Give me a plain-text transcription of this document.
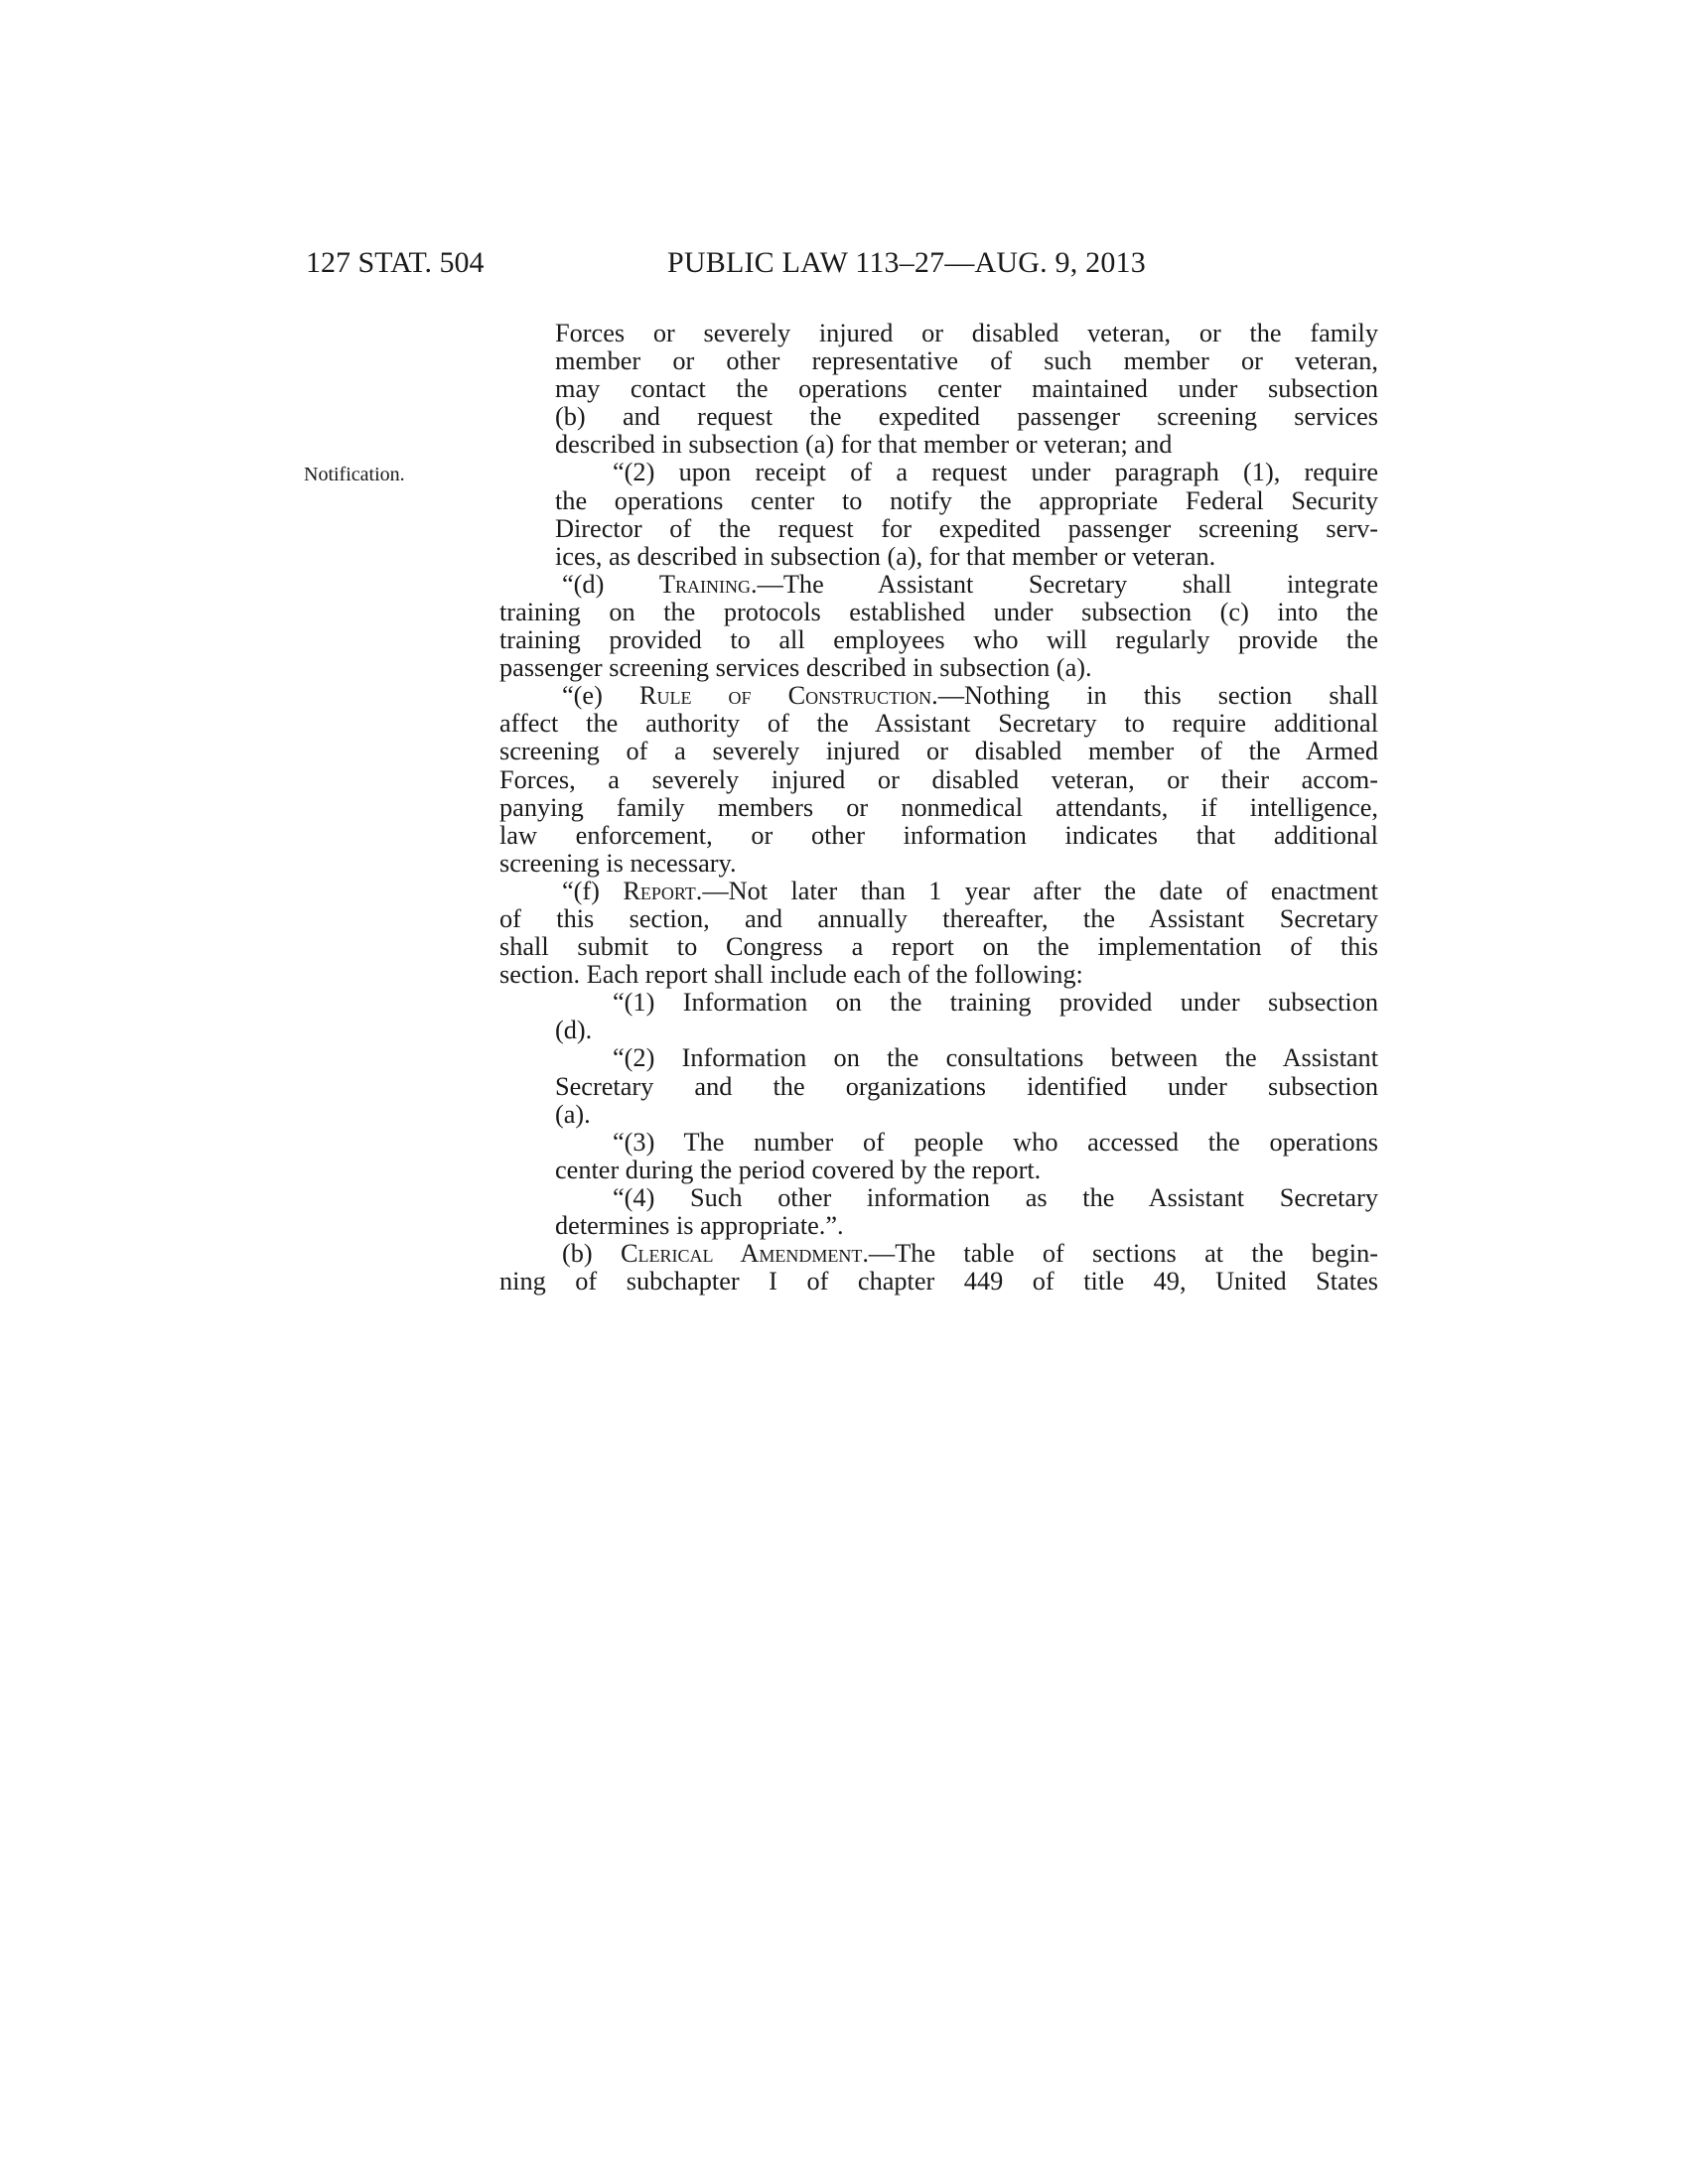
127 STAT. 504	PUBLIC LAW 113–27—AUG. 9, 2013
Notification.

Forces or severely injured or disabled veteran, or the family

member or other representative of such member or veteran,

may contact the operations center maintained under subsection

(b) and request the expedited passenger screening services

described in subsection (a) for that member or veteran; and

“(2) upon receipt of a request under paragraph (1), require

the operations center to notify the appropriate Federal Security

Director of the request for expedited passenger screening serv-

ices, as described in subsection (a), for that member or veteran.

“(d) Training.—The Assistant Secretary shall integrate

training on the protocols established under subsection (c) into the

training provided to all employees who will regularly provide the

passenger screening services described in subsection (a).

“(e) Rule of Construction.—Nothing in this section shall

affect the authority of the Assistant Secretary to require additional

screening of a severely injured or disabled member of the Armed

Forces, a severely injured or disabled veteran, or their accom-

panying family members or nonmedical attendants, if intelligence,

law enforcement, or other information indicates that additional

screening is necessary.

“(f) Report.—Not later than 1 year after the date of enactment

of this section, and annually thereafter, the Assistant Secretary

shall submit to Congress a report on the implementation of this

section. Each report shall include each of the following:

“(1) Information on the training provided under subsection

(d).

“(2) Information on the consultations between the Assistant

Secretary and the organizations identified under subsection

(a).

“(3) The number of people who accessed the operations

center during the period covered by the report.

“(4) Such other information as the Assistant Secretary

determines is appropriate.”.

(b) Clerical Amendment.—The table of sections at the begin-

ning of subchapter I of chapter 449 of title 49, United States
